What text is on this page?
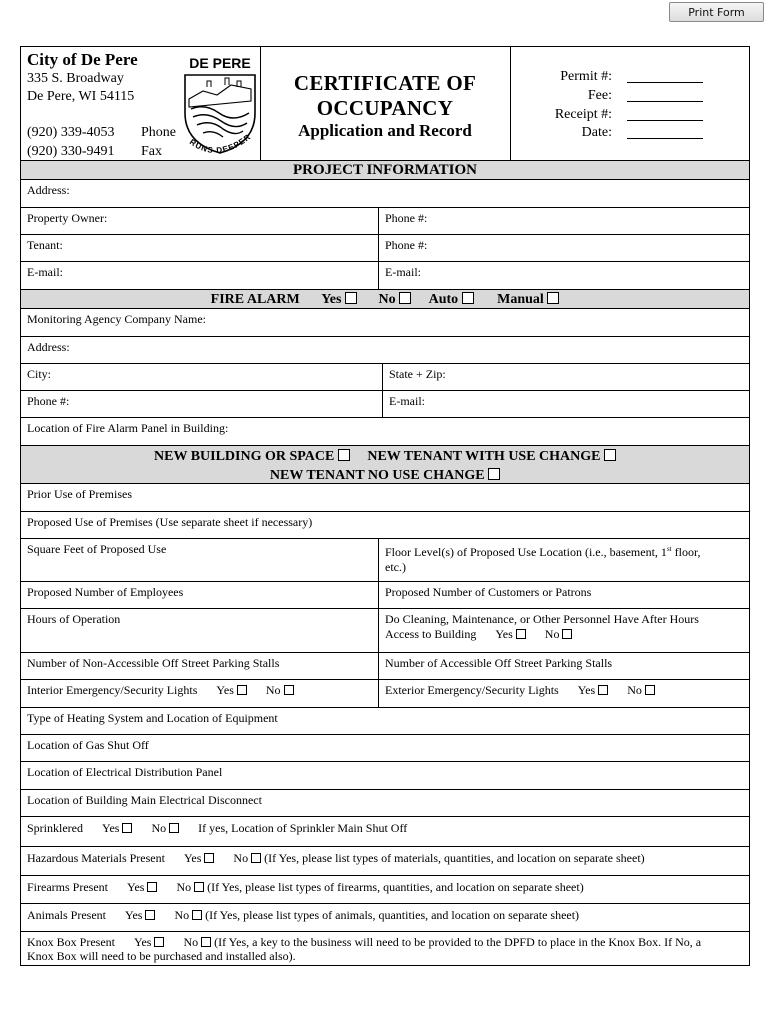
Print Form
City of De Pere
335 S. Broadway
De Pere, WI 54115
(920) 339-4053 Phone
(920) 330-9491 Fax
DE PERE
RUNS DEEPER
CERTIFICATE OF
OCCUPANCY
Application and Record
Permit #:
Fee:
Receipt #:
Date:
PROJECT INFORMATION
Address:
Property Owner:	Phone #:
Tenant:	Phone #:
E-mail:	E-mail:
FIRE ALARM Yes	No Auto	Manual
Monitoring Agency Company Name:
Address:
City:	State + Zip:
Phone #:	E-mail:
Location of Fire Alarm Panel in Building:
NEW BUILDING OR SPACE NEW TENANT WITH USE CHANGE
NEW TENANT NO USE CHANGE
Prior Use of Premises
Proposed Use of Premises (Use separate sheet if necessary)
Square Feet of Proposed Use	Floor Level(s) of Proposed Use Location (i.e., basement, 1st floor,
etc.)
Proposed Number of Employees	Proposed Number of Customers or Patrons
Hours of Operation	Do Cleaning, Maintenance, or Other Personnel Have After Hours
Access to Building Yes	No
Number of Non-Accessible Off Street Parking Stalls	Number of Accessible Off Street Parking Stalls
Interior Emergency/Security Lights Yes	No	Exterior Emergency/Security Lights Yes	No
Type of Heating System and Location of Equipment
Location of Gas Shut Off
Location of Electrical Distribution Panel
Location of Building Main Electrical Disconnect
Sprinklered Yes	No	If yes, Location of Sprinkler Main Shut Off
Hazardous Materials Present Yes	No (If Yes, please list types of materials, quantities, and location on separate sheet)
Firearms Present Yes	No (If Yes, please list types of firearms, quantities, and location on separate sheet)
Animals Present Yes	No (If Yes, please list types of animals, quantities, and location on separate sheet)
Knox Box Present Yes	No (If Yes, a key to the business will need to be provided to the DPFD to place in the Knox Box. If No, a
Knox Box will need to be purchased and installed also).
